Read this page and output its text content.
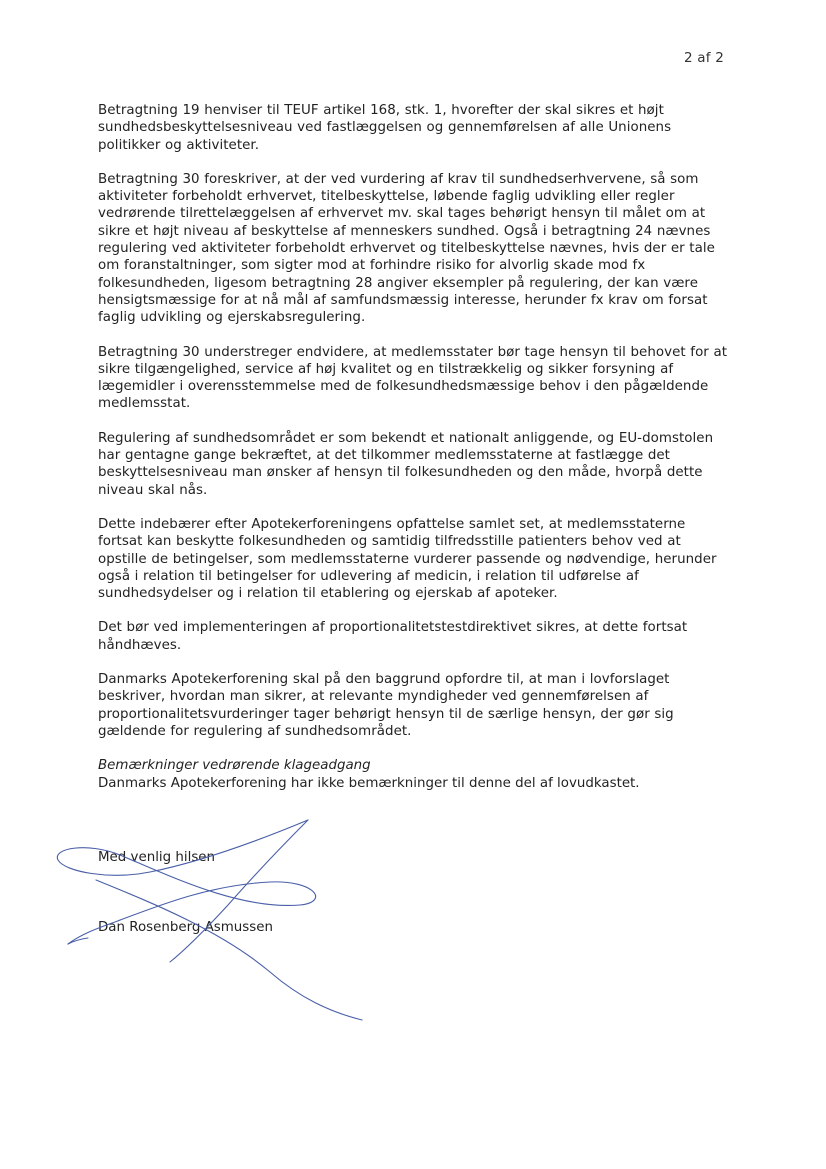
2 af 2

Betragtning 19 henviser til TEUF artikel 168, stk. 1, hvorefter der skal sikres et højt sundhedsbeskyttelsesniveau ved fastlæggelsen og gennemførelsen af alle Unionens politikker og aktiviteter.

Betragtning 30 foreskriver, at der ved vurdering af krav til sundhedserhvervene, så som aktiviteter forbeholdt erhvervet, titelbeskyttelse, løbende faglig udvikling eller regler vedrørende tilrettelæggelsen af erhvervet mv. skal tages behørigt hensyn til målet om at sikre et højt niveau af beskyttelse af menneskers sundhed. Også i betragtning 24 nævnes regulering ved aktiviteter forbeholdt erhvervet og titelbeskyttelse nævnes, hvis der er tale om foranstaltninger, som sigter mod at forhindre risiko for alvorlig skade mod fx folkesundheden, ligesom betragtning 28 angiver eksempler på regulering, der kan være hensigtsmæssige for at nå mål af samfundsmæssig interesse, herunder fx krav om forsat faglig udvikling og ejerskabsregulering.

Betragtning 30 understreger endvidere, at medlemsstater bør tage hensyn til behovet for at sikre tilgængelighed, service af høj kvalitet og en tilstrækkelig og sikker forsyning af lægemidler i overensstemmelse med de folkesundhedsmæssige behov i den pågældende medlemsstat.

Regulering af sundhedsområdet er som bekendt et nationalt anliggende, og EU-domstolen har gentagne gange bekræftet, at det tilkommer medlemsstaterne at fastlægge det beskyttelsesniveau man ønsker af hensyn til folkesundheden og den måde, hvorpå dette niveau skal nås.

Dette indebærer efter Apotekerforeningens opfattelse samlet set, at medlemsstaterne fortsat kan beskytte folkesundheden og samtidig tilfredsstille patienters behov ved at opstille de betingelser, som medlemsstaterne vurderer passende og nødvendige, herunder også i relation til betingelser for udlevering af medicin, i relation til udførelse af sundhedsydelser og i relation til etablering og ejerskab af apoteker.

Det bør ved implementeringen af proportionalitetstestdirektivet sikres, at dette fortsat håndhæves.

Danmarks Apotekerforening skal på den baggrund opfordre til, at man i lovforslaget beskriver, hvordan man sikrer, at relevante myndigheder ved gennemførelsen af proportionalitetsvurderinger tager behørigt hensyn til de særlige hensyn, der gør sig gældende for regulering af sundhedsområdet.

Bemærkninger vedrørende klageadgang

Danmarks Apotekerforening har ikke bemærkninger til denne del af lovudkastet.

Med venlig hilsen
Dan Rosenberg Asmussen
